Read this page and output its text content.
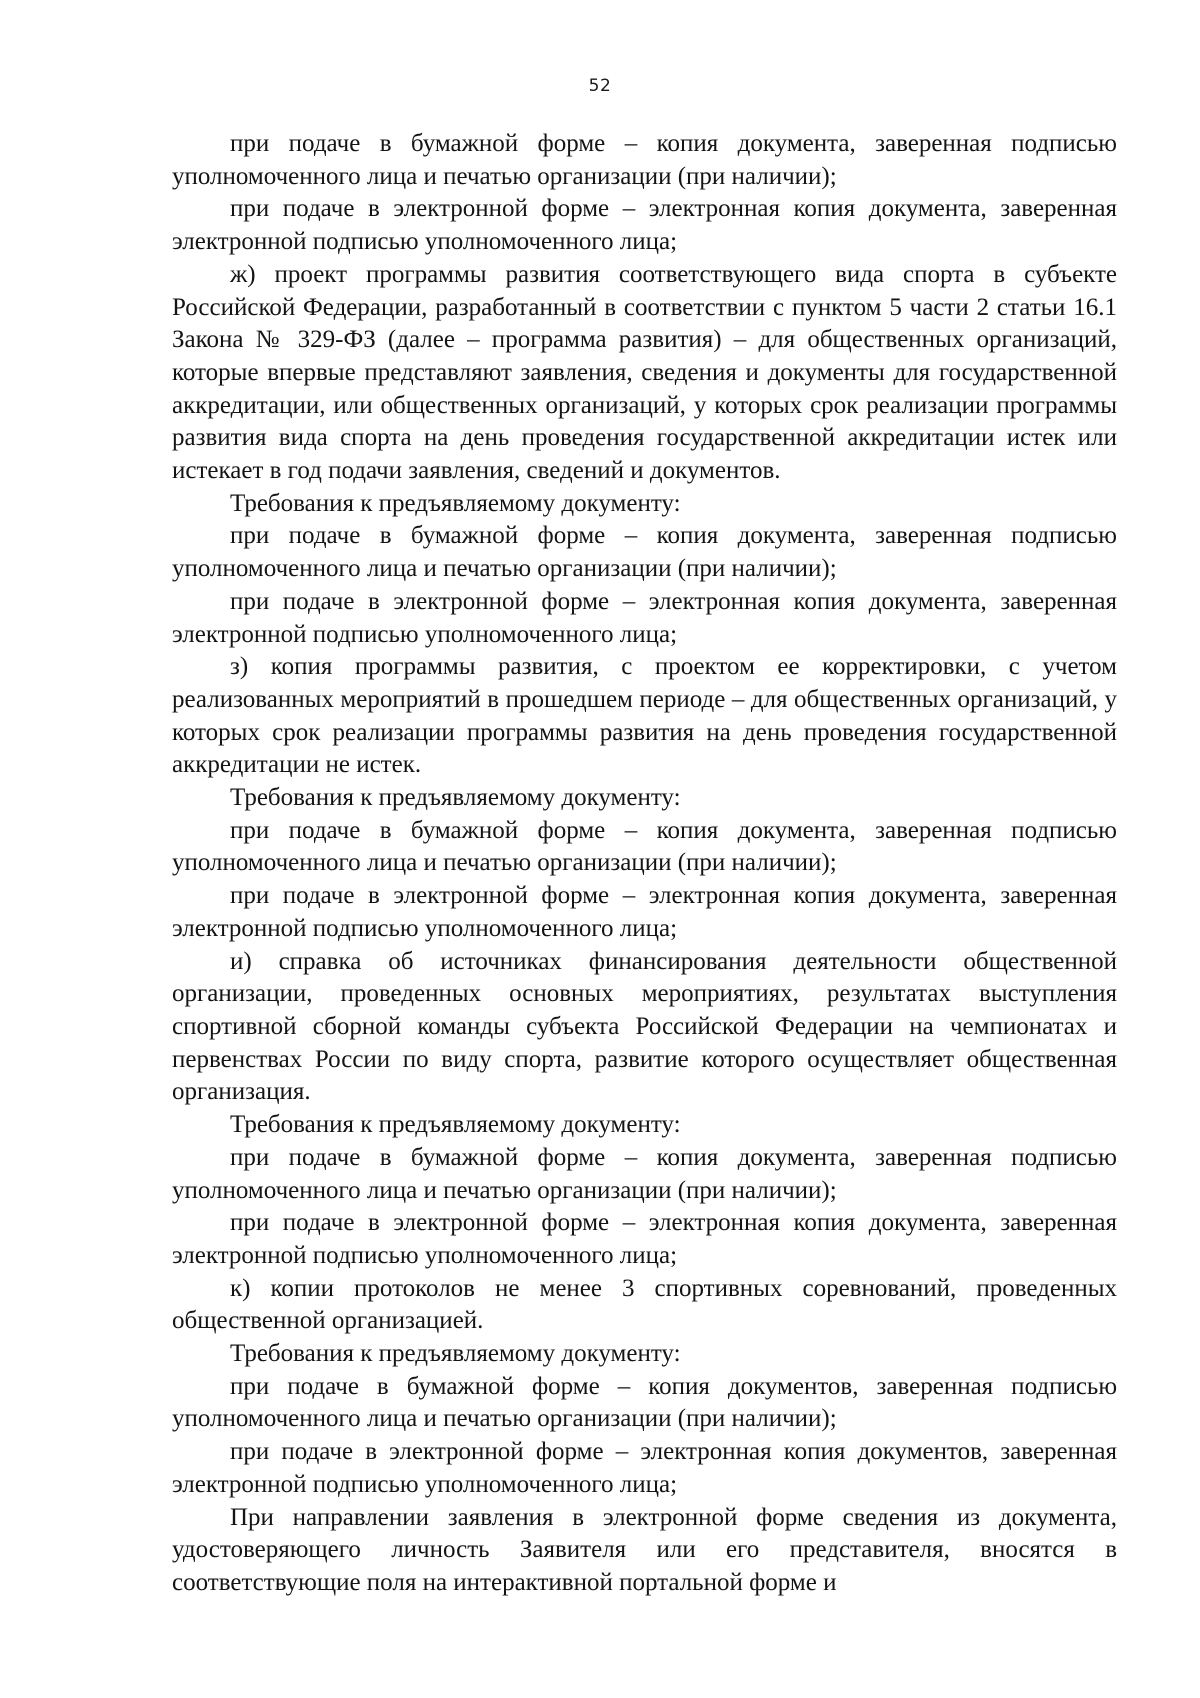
52

при подаче в бумажной форме – копия документа, заверенная подписью уполномоченного лица и печатью организации (при наличии);

при подаче в электронной форме – электронная копия документа, заверенная электронной подписью уполномоченного лица;

ж) проект программы развития соответствующего вида спорта в субъекте Российской Федерации, разработанный в соответствии с пунктом 5 части 2 статьи 16.1 Закона № 329-ФЗ (далее – программа развития) – для общественных организаций, которые впервые представляют заявления, сведения и документы для государственной аккредитации, или общественных организаций, у которых срок реализации программы развития вида спорта на день проведения государственной аккредитации истек или истекает в год подачи заявления, сведений и документов.

Требования к предъявляемому документу:

при подаче в бумажной форме – копия документа, заверенная подписью уполномоченного лица и печатью организации (при наличии);

при подаче в электронной форме – электронная копия документа, заверенная электронной подписью уполномоченного лица;

з) копия программы развития, с проектом ее корректировки, с учетом реализованных мероприятий в прошедшем периоде – для общественных организаций, у которых срок реализации программы развития на день проведения государственной аккредитации не истек.

Требования к предъявляемому документу:

при подаче в бумажной форме – копия документа, заверенная подписью уполномоченного лица и печатью организации (при наличии);

при подаче в электронной форме – электронная копия документа, заверенная электронной подписью уполномоченного лица;

и) справка об источниках финансирования деятельности общественной организации, проведенных основных мероприятиях, результатах выступления спортивной сборной команды субъекта Российской Федерации на чемпионатах и первенствах России по виду спорта, развитие которого осуществляет общественная организация.

Требования к предъявляемому документу:

при подаче в бумажной форме – копия документа, заверенная подписью уполномоченного лица и печатью организации (при наличии);

при подаче в электронной форме – электронная копия документа, заверенная электронной подписью уполномоченного лица;

к) копии протоколов не менее 3 спортивных соревнований, проведенных общественной организацией.

Требования к предъявляемому документу:

при подаче в бумажной форме – копия документов, заверенная подписью уполномоченного лица и печатью организации (при наличии);

при подаче в электронной форме – электронная копия документов, заверенная электронной подписью уполномоченного лица;

При направлении заявления в электронной форме сведения из документа, удостоверяющего личность Заявителя или его представителя, вносятся в соответствующие поля на интерактивной портальной форме и
